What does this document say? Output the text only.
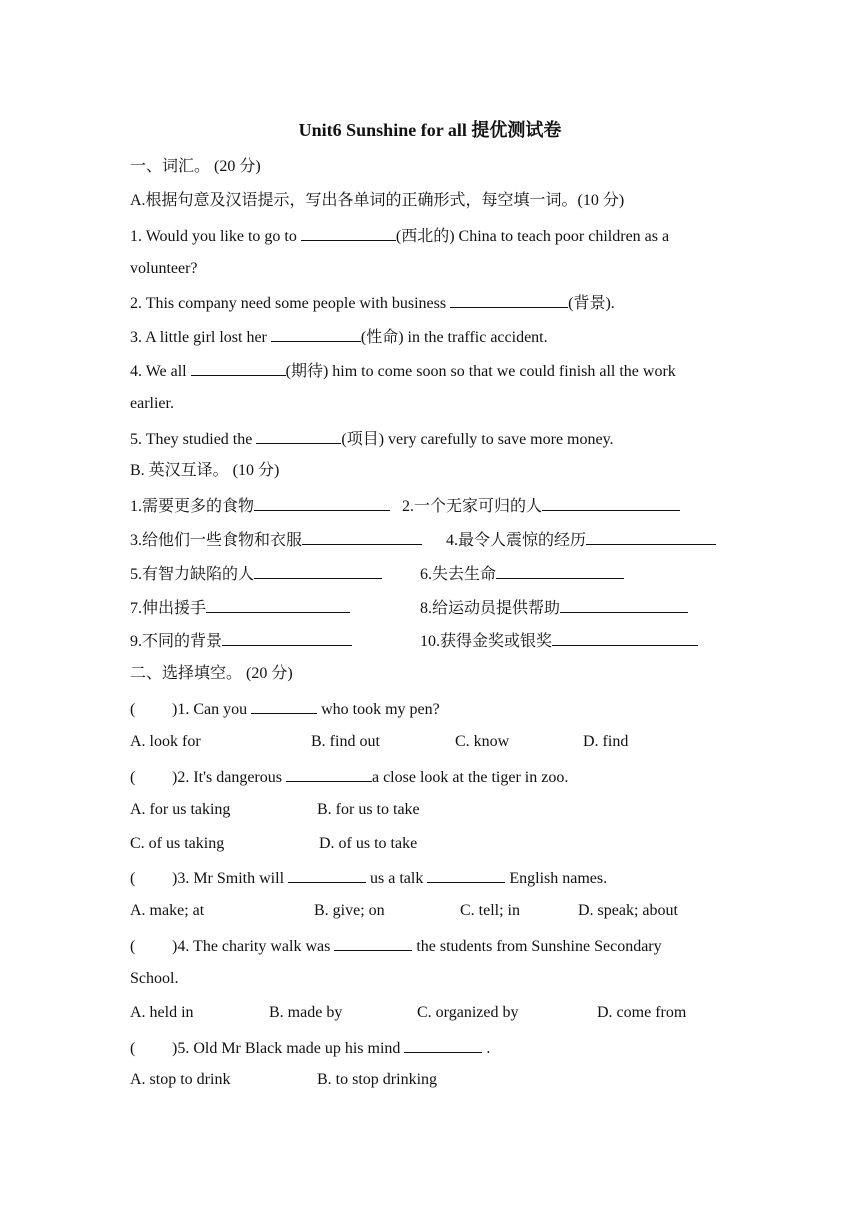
Unit6 Sunshine for all 提优测试卷
一、词汇。 (20 分)
A.根据句意及汉语提示，写出各单词的正确形式，每空填一词。(10 分)
1. Would you like to go to	(西北的) China to teach poor children as a
volunteer?
2. This company need some people with business	(背景).
3. A little girl lost her	(性命) in the traffic accident.
4. We all	(期待) him to come soon so that we could finish all the work
earlier.
5. They studied the	(项目) very carefully to save more money.
B. 英汉互译。 (10 分)
1.需要更多的食物	2.一个无家可归的人
3.给他们一些食物和衣服	4.最令人震惊的经历
5.有智力缺陷的人	6.失去生命
7.伸出援手	8.给运动员提供帮助
9.不同的背景	10.获得金奖或银奖
二、选择填空。 (20 分)
( )1. Can you	who took my pen?
A. look for	B. find out	C. know	D. find
( )2. It's dangerous	a close look at the tiger in zoo.
A. for us taking	B. for us to take
C. of us taking	D. of us to take
( )3. Mr Smith will	us a talk	English names.
A. make; at	B. give; on	C. tell; in	D. speak; about
( )4. The charity walk was	the students from Sunshine Secondary
School.
A. held in	B. made by	C. organized by	D. come from
( )5. Old Mr Black made up his mind	.
A. stop to drink	B. to stop drinking
